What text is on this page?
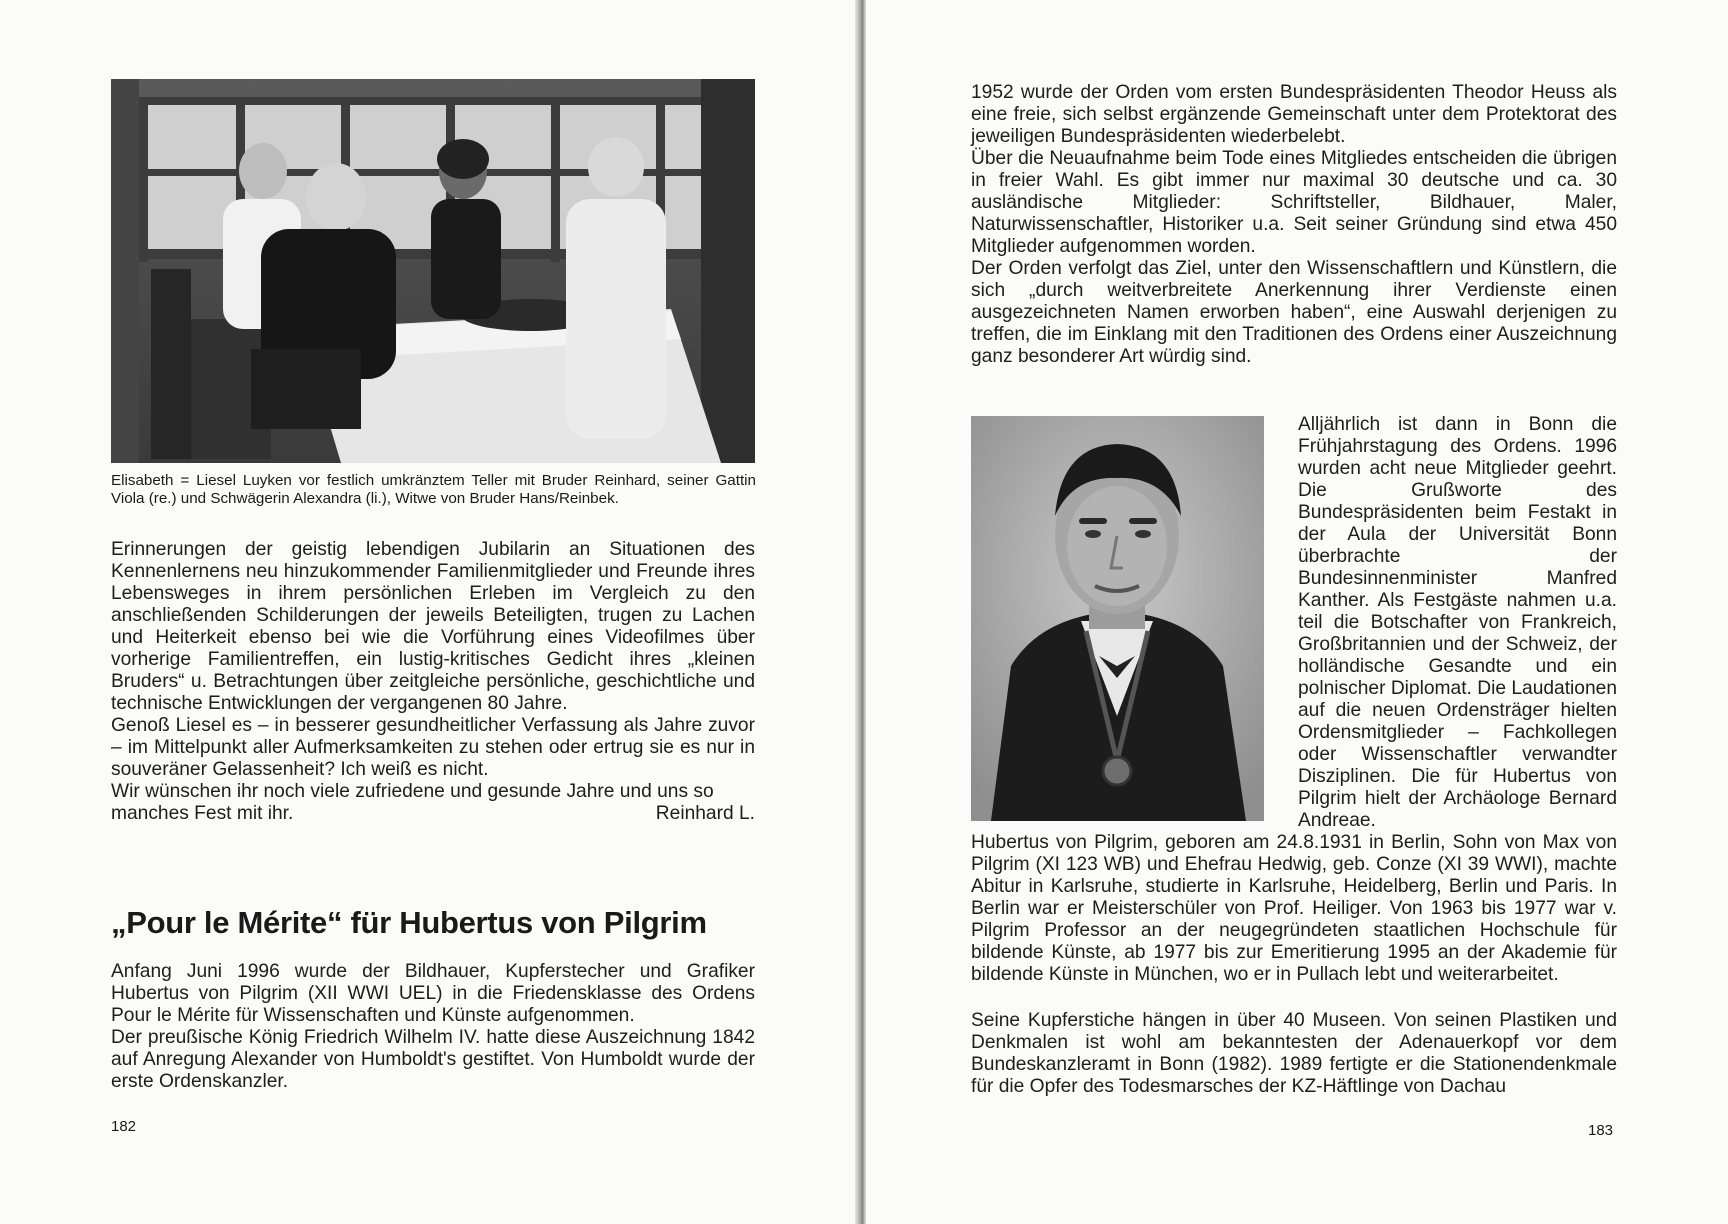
Elisabeth = Liesel Luyken vor festlich umkränztem Teller mit Bruder Reinhard, seiner Gattin Viola (re.) und Schwägerin Alexandra (li.), Witwe von Bruder Hans/Reinbek.

Erinnerungen der geistig lebendigen Jubilarin an Situationen des Kennenlernens neu hinzukommender Familienmitglieder und Freunde ihres Lebensweges in ihrem persönlichen Erleben im Vergleich zu den anschließenden Schilderungen der jeweils Beteiligten, trugen zu Lachen und Heiterkeit ebenso bei wie die Vorführung eines Videofilmes über vorherige Familientreffen, ein lustig-kritisches Gedicht ihres „kleinen Bruders“ u. Betrachtungen über zeitgleiche persönliche, geschichtliche und technische Entwicklungen der vergangenen 80 Jahre.

Genoß Liesel es – in besserer gesundheitlicher Verfassung als Jahre zuvor – im Mittelpunkt aller Aufmerksamkeiten zu stehen oder ertrug sie es nur in souveräner Gelassenheit? Ich weiß es nicht.

Wir wünschen ihr noch viele zufriedene und gesunde Jahre und uns so manches Fest mit ihr.	Reinhard L.

„Pour le Mérite“ für Hubertus von Pilgrim

Anfang Juni 1996 wurde der Bildhauer, Kupferstecher und Grafiker Hubertus von Pilgrim (XII WWI UEL) in die Friedensklasse des Ordens Pour le Mérite für Wissenschaften und Künste aufgenommen.

Der preußische König Friedrich Wilhelm IV. hatte diese Auszeichnung 1842 auf Anregung Alexander von Humboldt's gestiftet. Von Humboldt wurde der erste Ordenskanzler.

182

1952 wurde der Orden vom ersten Bundespräsidenten Theodor Heuss als eine freie, sich selbst ergänzende Gemeinschaft unter dem Protektorat des jeweiligen Bundespräsidenten wiederbelebt.

Über die Neuaufnahme beim Tode eines Mitgliedes entscheiden die übrigen in freier Wahl. Es gibt immer nur maximal 30 deutsche und ca. 30 ausländische Mitglieder: Schriftsteller, Bildhauer, Maler, Naturwissenschaftler, Historiker u.a. Seit seiner Gründung sind etwa 450 Mitglieder aufgenommen worden.

Der Orden verfolgt das Ziel, unter den Wissenschaftlern und Künstlern, die sich „durch weitverbreitete Anerkennung ihrer Verdienste einen ausgezeichneten Namen erworben haben“, eine Auswahl derjenigen zu treffen, die im Einklang mit den Traditionen des Ordens einer Auszeichnung ganz besonderer Art würdig sind.

Alljährlich ist dann in Bonn die Frühjahrstagung des Ordens. 1996 wurden acht neue Mitglieder geehrt. Die Grußworte des Bundespräsidenten beim Festakt in der Aula der Universität Bonn überbrachte der Bundesinnenminister Manfred Kanther. Als Festgäste nahmen u.a. teil die Botschafter von Frankreich, Großbritannien und der Schweiz, der holländische Gesandte und ein polnischer Diplomat. Die Laudationen auf die neuen Ordensträger hielten Ordensmitglieder – Fachkollegen oder Wissenschaftler verwandter Disziplinen. Die für Hubertus von Pilgrim hielt der Archäologe Bernard Andreae.

Hubertus von Pilgrim, geboren am 24.8.1931 in Berlin, Sohn von Max von Pilgrim (XI 123 WB) und Ehefrau Hedwig, geb. Conze (XI 39 WWI), machte Abitur in Karlsruhe, studierte in Karlsruhe, Heidelberg, Berlin und Paris. In Berlin war er Meisterschüler von Prof. Heiliger. Von 1963 bis 1977 war v. Pilgrim Professor an der neugegründeten staatlichen Hochschule für bildende Künste, ab 1977 bis zur Emeritierung 1995 an der Akademie für bildende Künste in München, wo er in Pullach lebt und weiterarbeitet.

Seine Kupferstiche hängen in über 40 Museen. Von seinen Plastiken und Denkmalen ist wohl am bekanntesten der Adenauerkopf vor dem Bundeskanzleramt in Bonn (1982). 1989 fertigte er die Stationendenkmale für die Opfer des Todesmarsches der KZ-Häftlinge von Dachau

183
